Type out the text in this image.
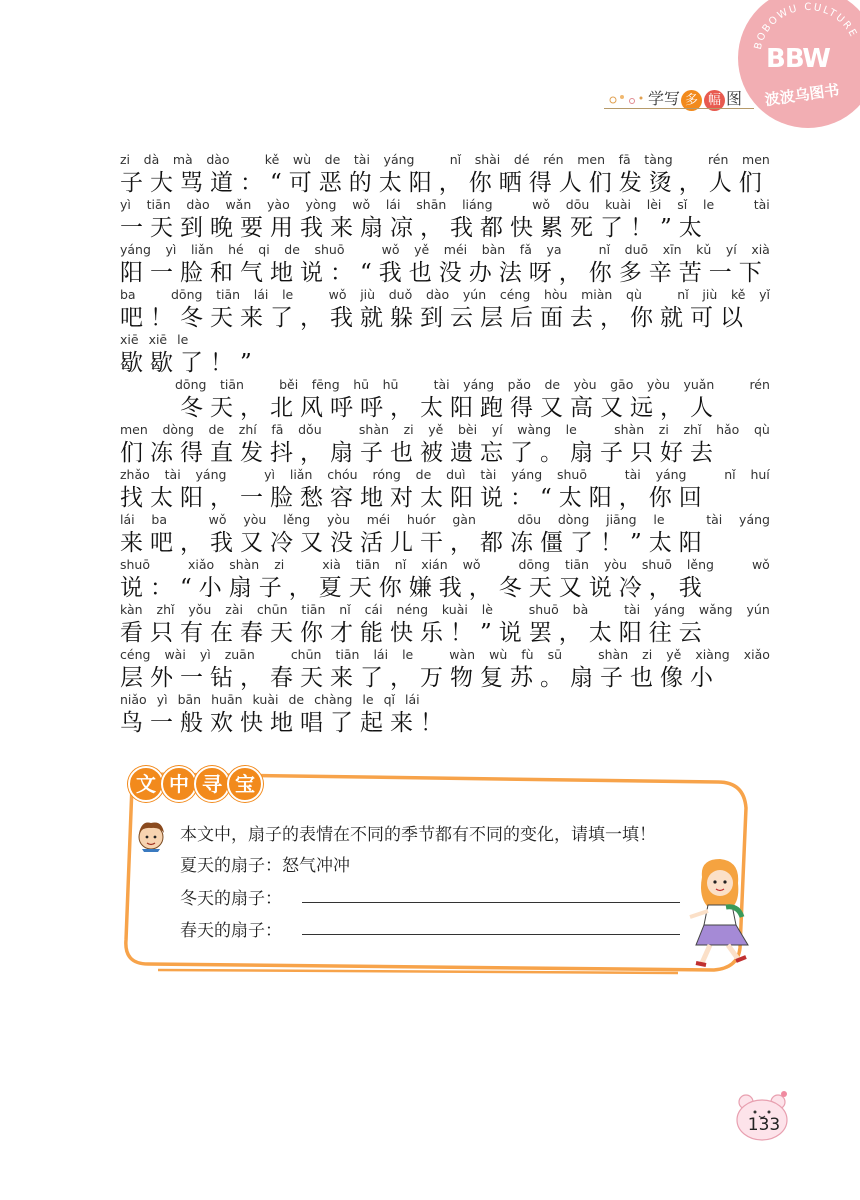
BOBOWU CULTURE
BBW
波波乌图书
学写 多 幅 图
zi dà mà dào	kě wù de tài yáng	nǐ shài dé rén men fā tàng	rén men
子大骂道：“可恶的太阳，你晒得人们发烫，人们
yì tiān dào wǎn yào yòng wǒ lái shān liáng	wǒ dōu kuài lèi sǐ le	tài
一天到晚要用我来扇凉，我都快累死了！”太
yáng yì liǎn hé qi de shuō	wǒ yě méi bàn fǎ ya	nǐ duō xīn kǔ yí xià
阳一脸和气地说：“我也没办法呀，你多辛苦一下
ba	dōng tiān lái le	wǒ jiù duǒ dào yún céng hòu miàn qù	nǐ jiù kě yǐ
吧！冬天来了，我就躲到云层后面去，你就可以
xiē xiē le
歇歇了！”
dōng tiān	běi fēng hū hū	tài yáng pǎo de yòu gāo yòu yuǎn	rén
冬天，北风呼呼，太阳跑得又高又远，人
men dòng de zhí fā dǒu	shàn zi yě bèi yí wàng le	shàn zi zhǐ hǎo qù
们冻得直发抖，扇子也被遗忘了。扇子只好去
zhǎo tài yáng	yì liǎn chóu róng de duì tài yáng shuō	tài yáng	nǐ huí
找太阳，一脸愁容地对太阳说：“太阳，你回
lái ba	wǒ yòu lěng yòu méi huór gàn	dōu dòng jiāng le	tài yáng
来吧，我又冷又没活儿干，都冻僵了！”太阳
shuō	xiǎo shàn zi	xià tiān nǐ xián wǒ	dōng tiān yòu shuō lěng	wǒ
说：“小扇子，夏天你嫌我，冬天又说冷，我
kàn zhǐ yǒu zài chūn tiān nǐ cái néng kuài lè	shuō bà	tài yáng wǎng yún
看只有在春天你才能快乐！”说罢，太阳往云
céng wài yì zuān	chūn tiān lái le	wàn wù fù sū	shàn zi yě xiàng xiǎo
层外一钻，春天来了，万物复苏。扇子也像小
niǎo yì bān huān kuài de chàng le qǐ lái
鸟一般欢快地唱了起来！
文 中 寻 宝
本文中，扇子的表情在不同的季节都有不同的变化，请填一填！
夏天的扇子：怒气冲冲
冬天的扇子：
春天的扇子：
133
